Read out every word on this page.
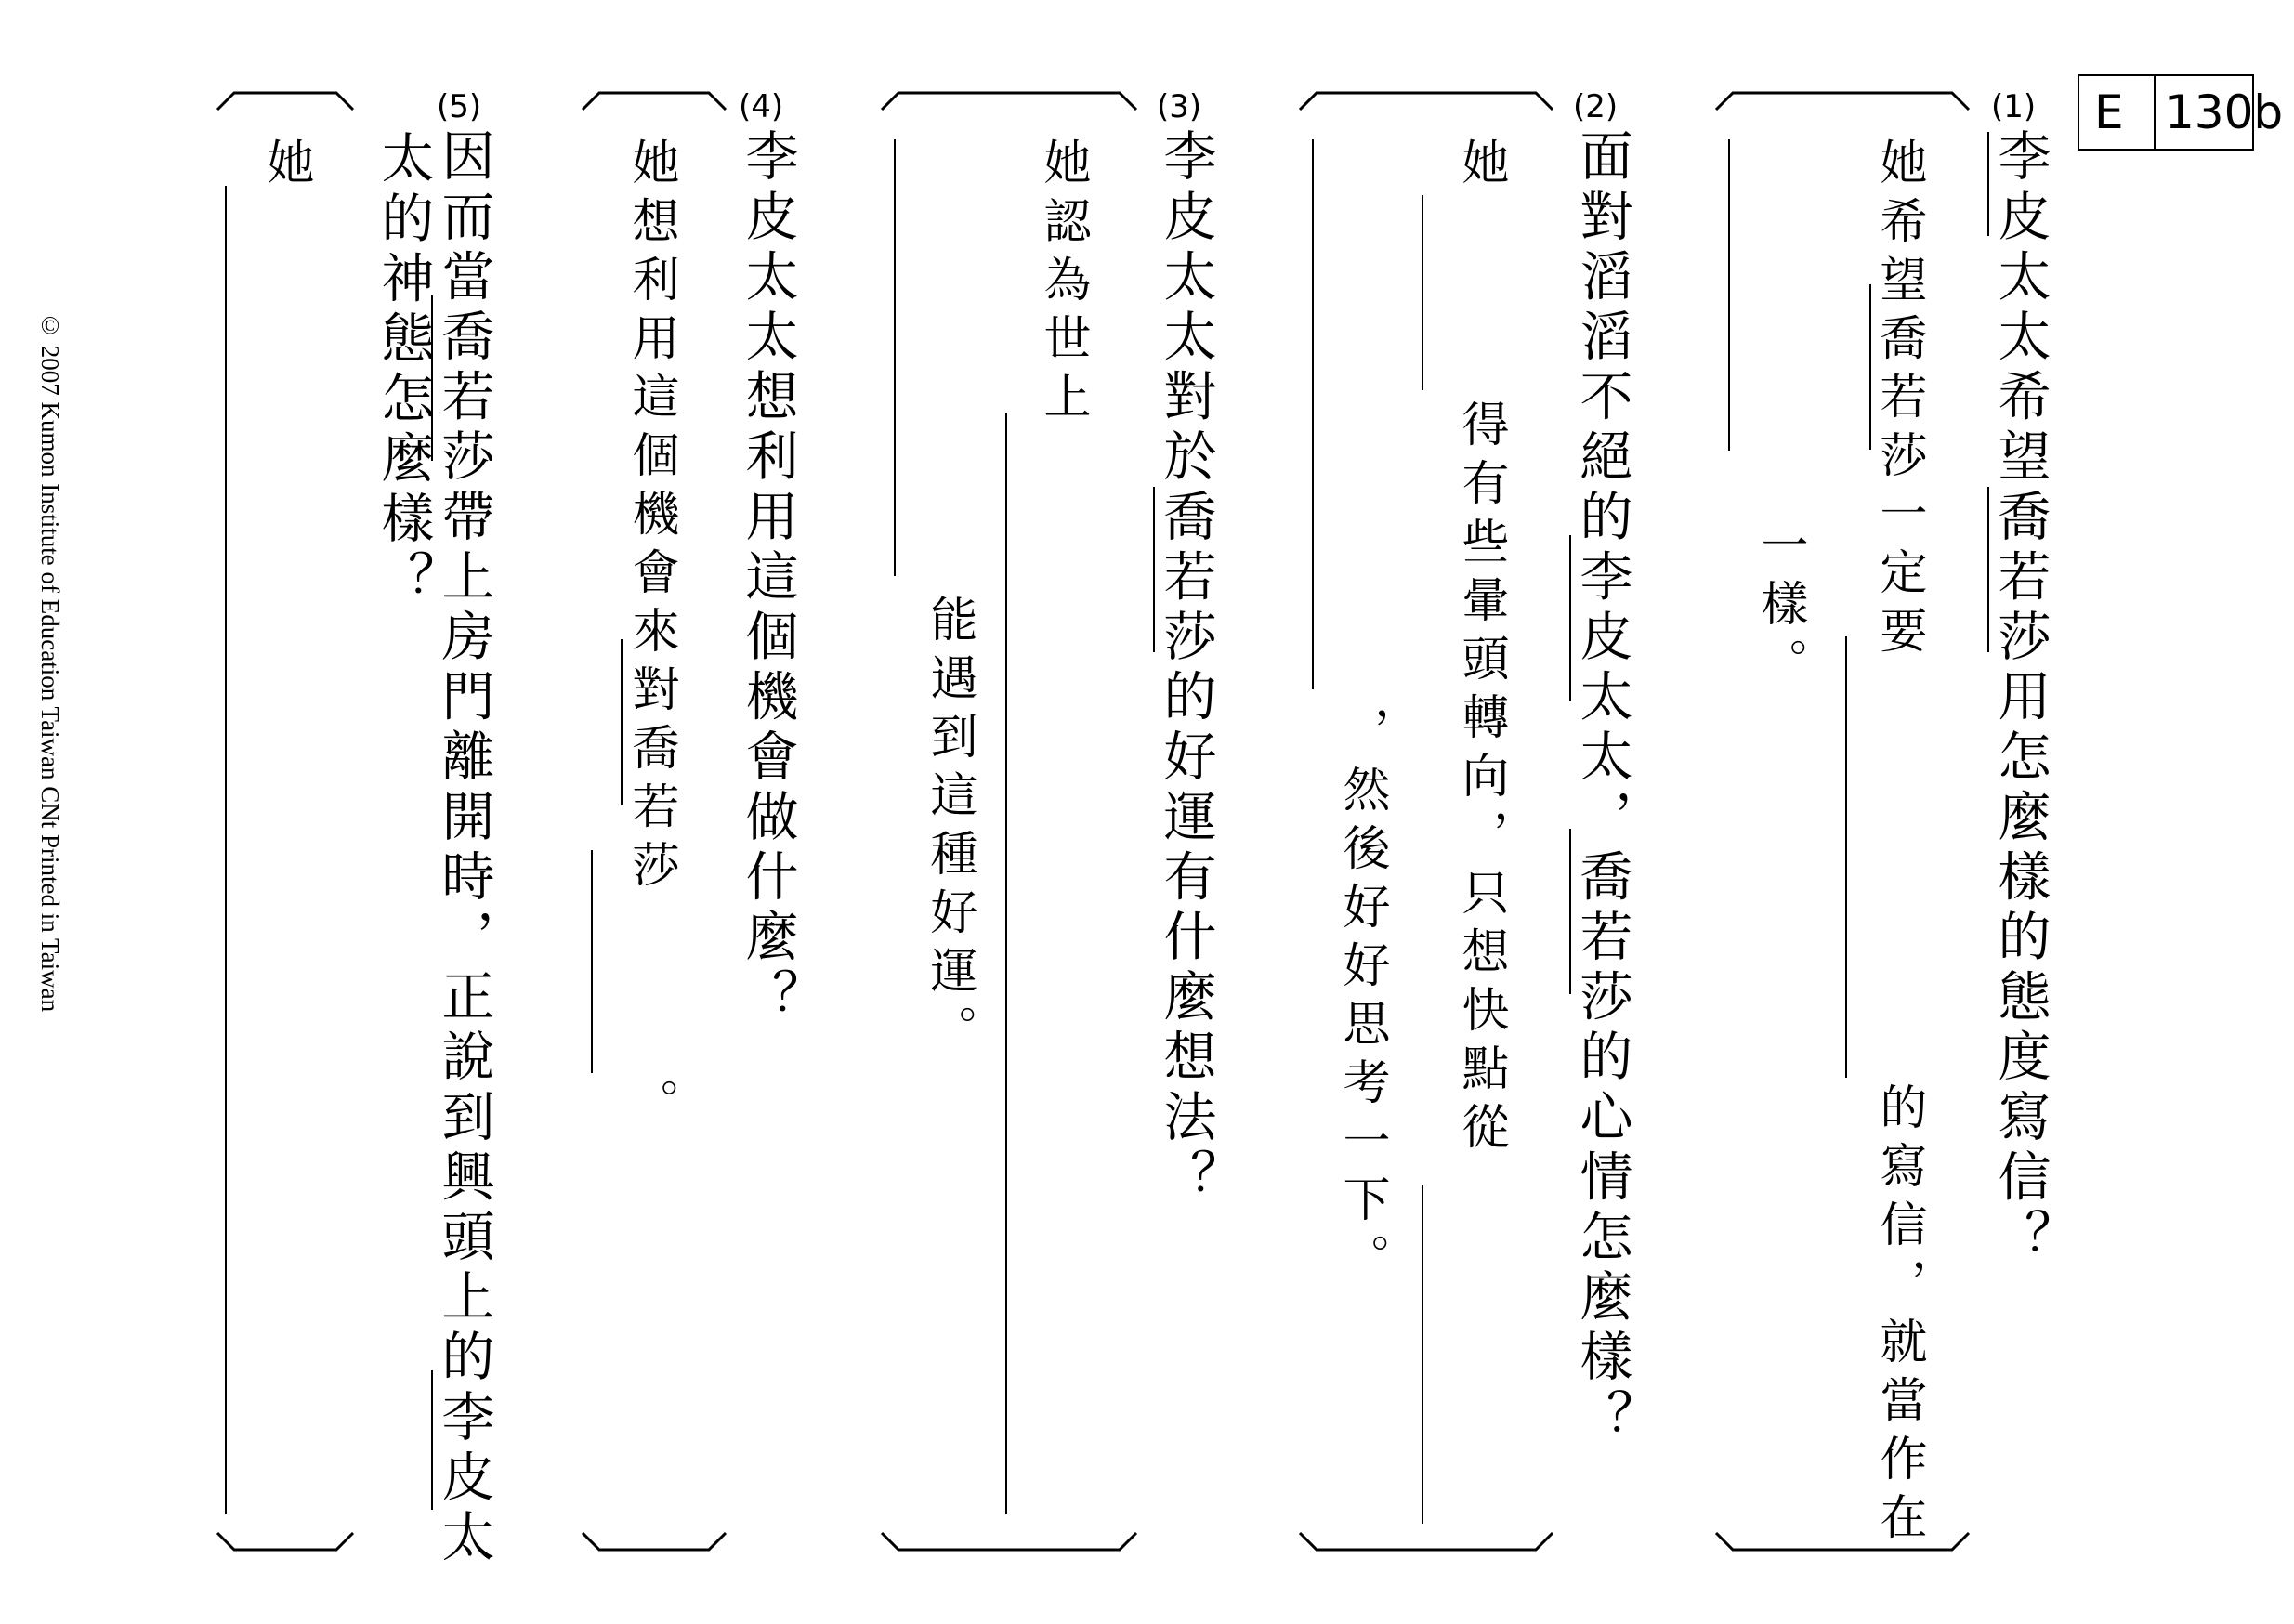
E 130b
(1)

李皮太太希望喬若莎用怎麼樣的態度寫信？

她希望喬若莎一定要

的寫信，就當作在

一樣。

(2)

面對滔滔不絕的李皮太太，喬若莎的心情怎麼樣？

她

得有些暈頭轉向，只想快點從

，然後好好思考一下。

(3)

李皮太太對於喬若莎的好運有什麼想法？

她認為世上

能遇到這種好運。

(4)

李皮太太想利用這個機會做什麼？

她想利用這個機會來對喬若莎

。

(5)

因而當喬若莎帶上房門離開時，正說到興頭上的李皮太

太的神態怎麼樣？

她

© 2007 Kumon Institute of Education Taiwan CNt Printed in Taiwan
